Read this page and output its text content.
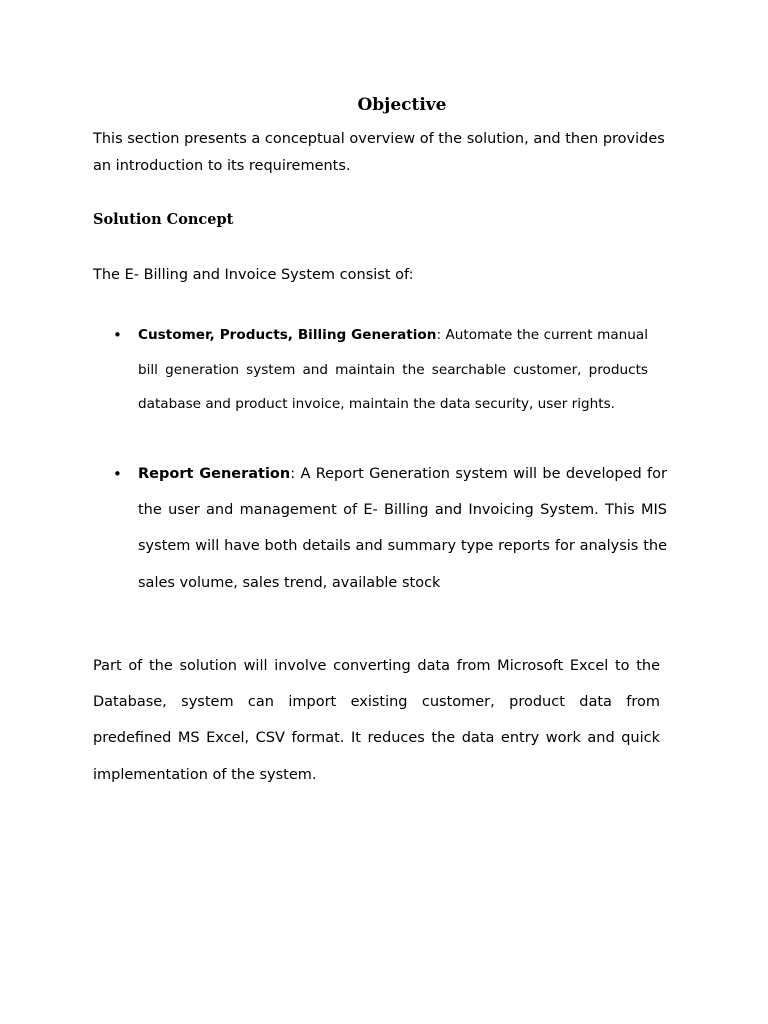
Objective
This section presents a conceptual overview of the solution, and then provides an introduction to its requirements.
Solution Concept
The E- Billing and Invoice System consist of:

• Customer, Products, Billing Generation: Automate the current manual bill generation system and maintain the searchable customer, products database and product invoice, maintain the data security, user rights.

• Report Generation: A Report Generation system will be developed for the user and management of E- Billing and Invoicing System. This MIS system will have both details and summary type reports for analysis the sales volume, sales trend, available stock

Part of the solution will involve converting data from Microsoft Excel to the Database, system can import existing customer, product data from predefined MS Excel, CSV format. It reduces the data entry work and quick implementation of the system.
